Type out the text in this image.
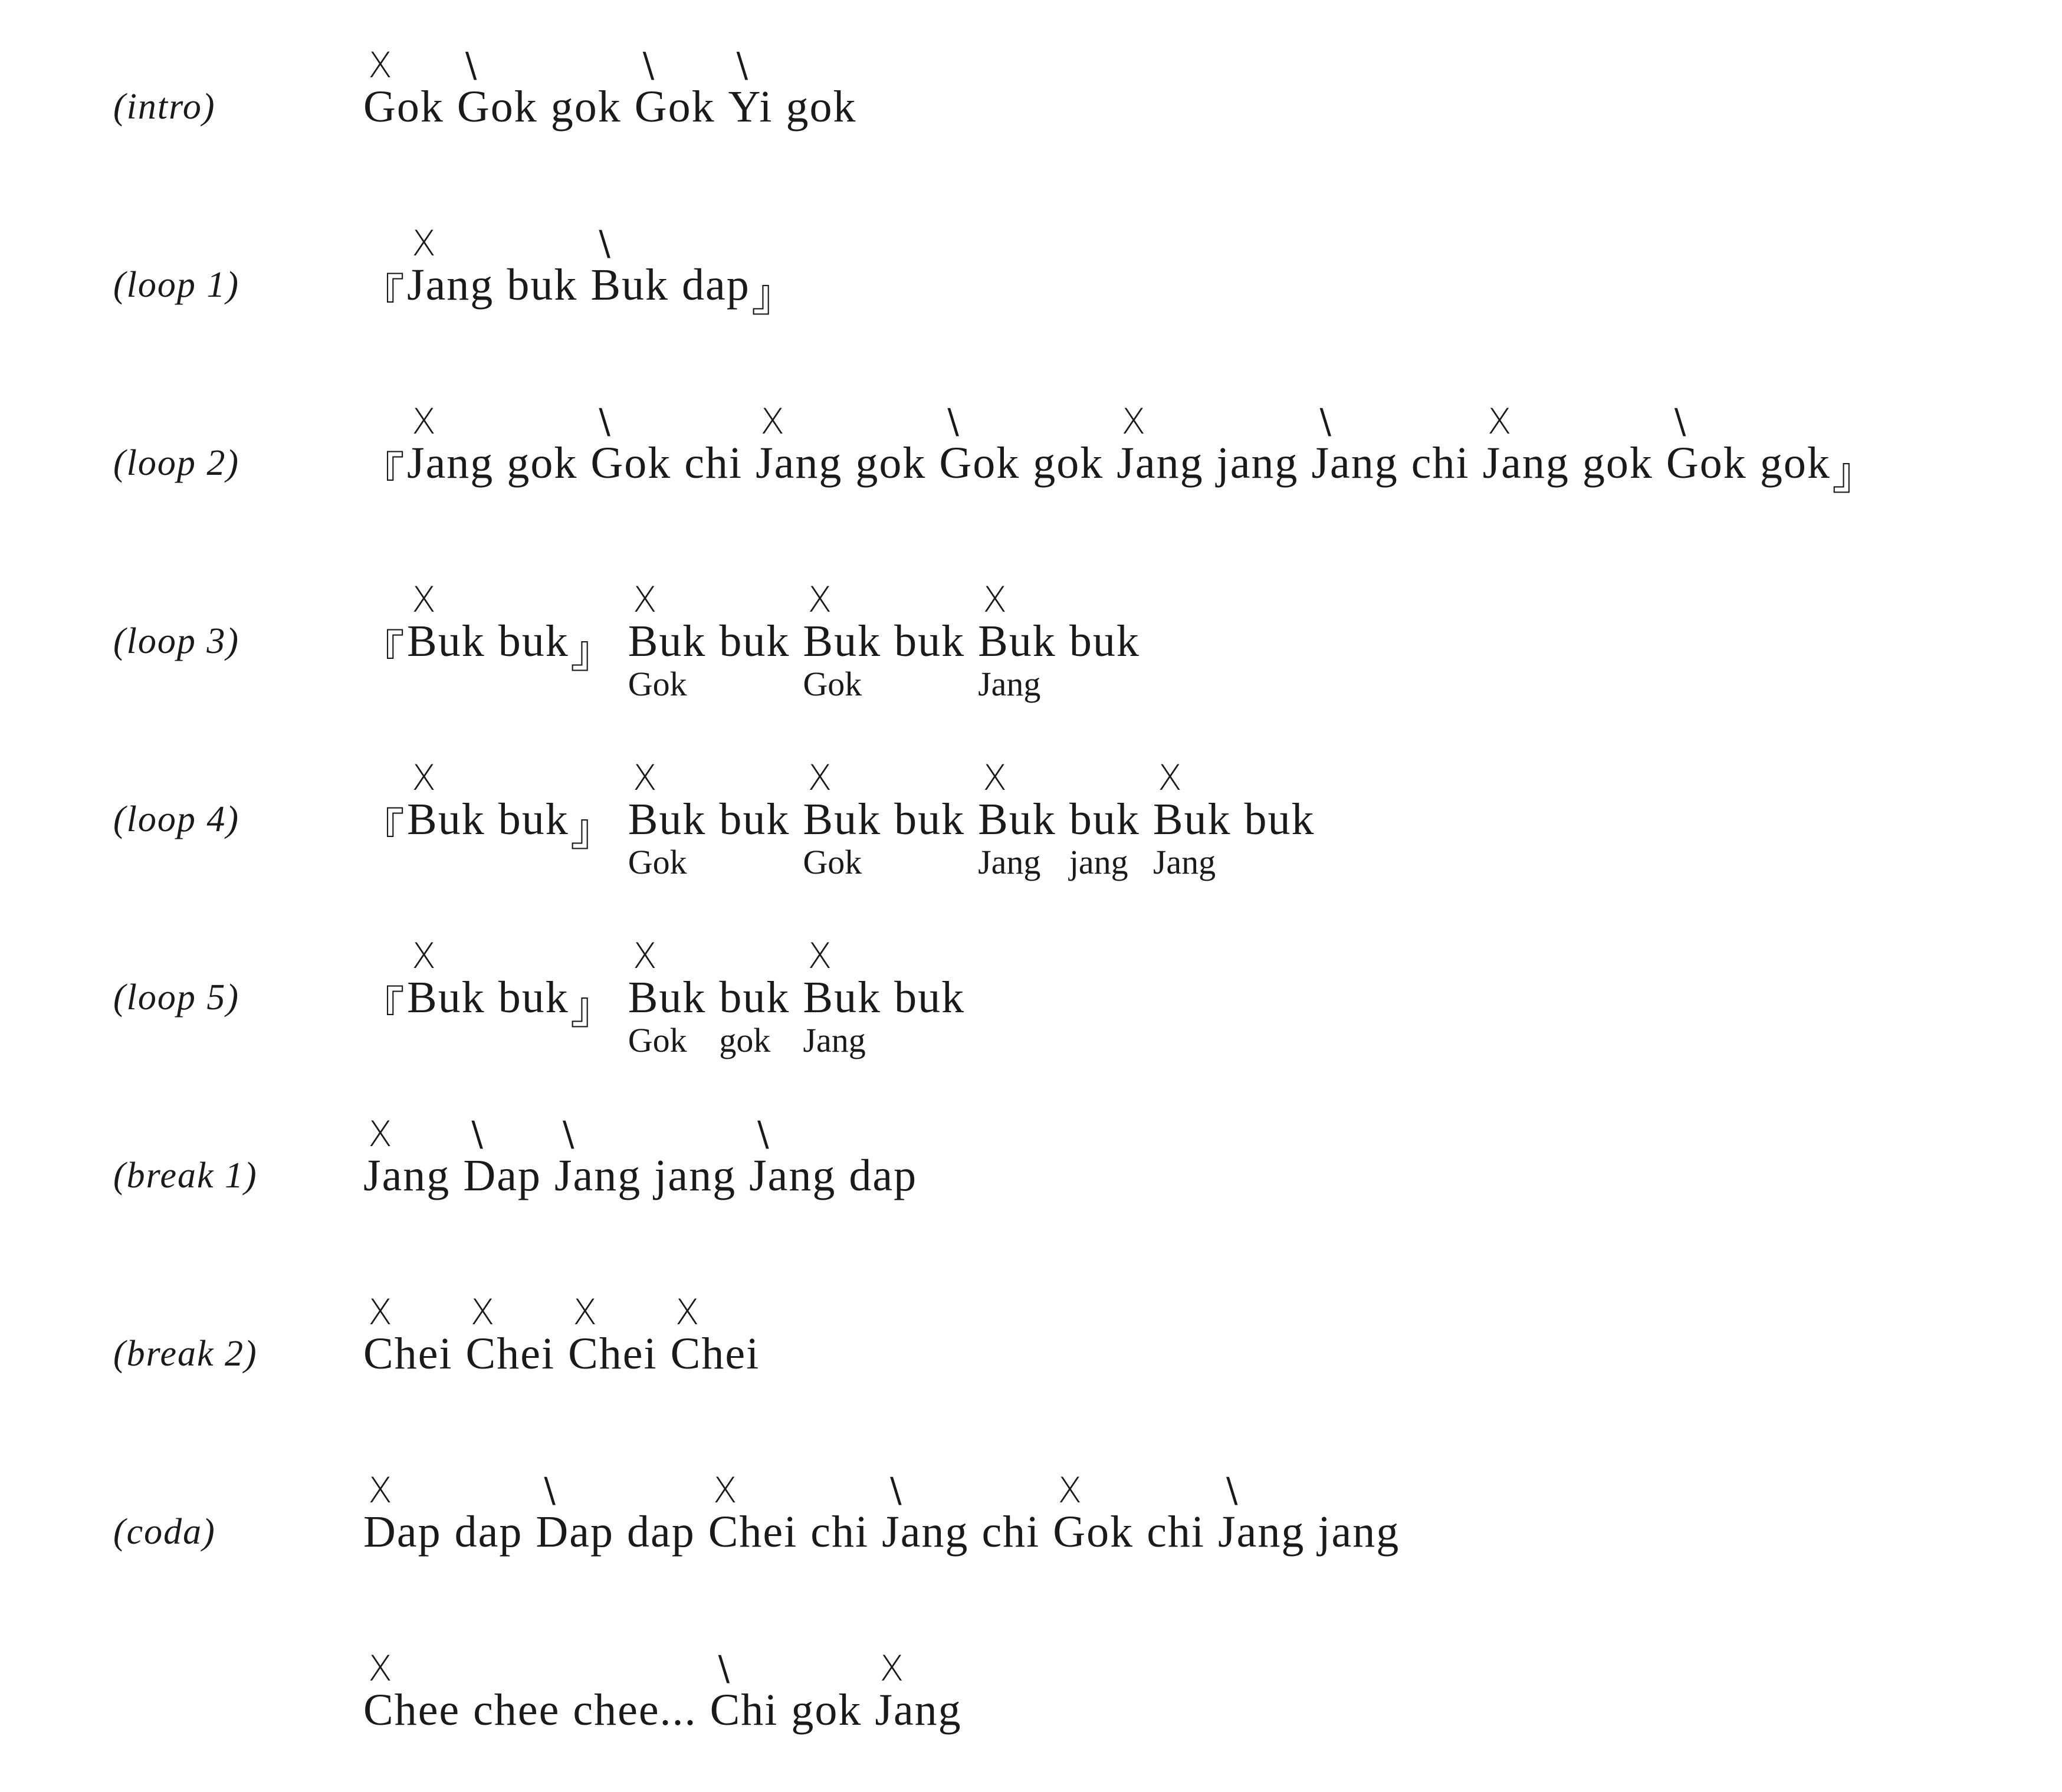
(intro)	Gok Gok gok Gok Yi gok
X \	\ \
(loop 1)	『 Jang buk Buk dap 』
X	\
(loop 2)	『 Jang gok Gok chi Jang gok Gok gok Jang jang Jang chi Jang gok Gok gok 』
X	\	X	\	X	\	X	\
(loop 3)	『 Buk buk 』 Buk buk Buk buk Buk buk
X	X	X	X
Gok	Gok	Jang
(loop 4)	『 Buk buk 』 Buk buk Buk buk Buk buk Buk buk
X	X	X	X	X
Gok	Gok	Jang jang Jang
(loop 5)	『 Buk buk 』 Buk buk Buk buk
X	X	X
Gok gok Jang
(break 1) Jang Dap Jang jang Jang dap
X \ \	\
(break 2) Chei Chei Chei Chei
X X X X
(coda)	Dap dap Dap dap Chei chi Jang chi Gok chi Jang jang
X	\	X	\	X	\
Chee chee chee... Chi gok Jang
X	\	X
